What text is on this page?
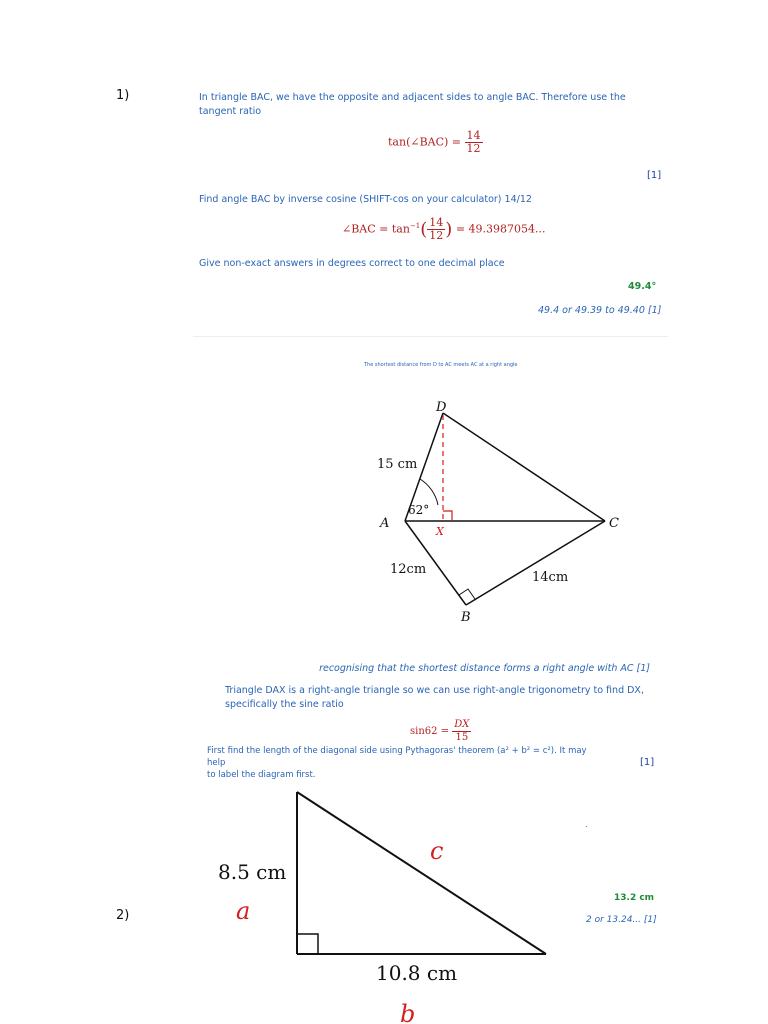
1)
2)
In triangle BAC, we have the opposite and adjacent sides to angle BAC. Therefore use the
tangent ratio
tan(∠BAC) = $\frac{14}{12}$
[1]
Find angle BAC by inverse cosine (SHIFT-cos on your calculator) 14/12
∠BAC = $\tan^{-1}( \frac{14}{12}$ ) = 49.3987054...
Give non-exact answers in degrees correct to one decimal place
49.4°
49.4 or 49.39 to 49.40 [1]
The shortest distance from D to AC meets AC at a right angle
D
A	C
B
X
15 cm
62°
12cm
14cm
recognising that the shortest distance forms a right angle with AC [1]
Triangle DAX is a right-angle triangle so we can use right-angle trigonometry to find DX,
specifically the sine ratio
$\sin 62 = \frac{DX}{15}$
First find the length of the diagonal side using Pythagoras' theorem (a² + b² = c²). It may help
to label the diagram first.
[1]
.
13.2 cm
2 or 13.24... [1]
8.5 cm
a
10.8 cm
b
c
